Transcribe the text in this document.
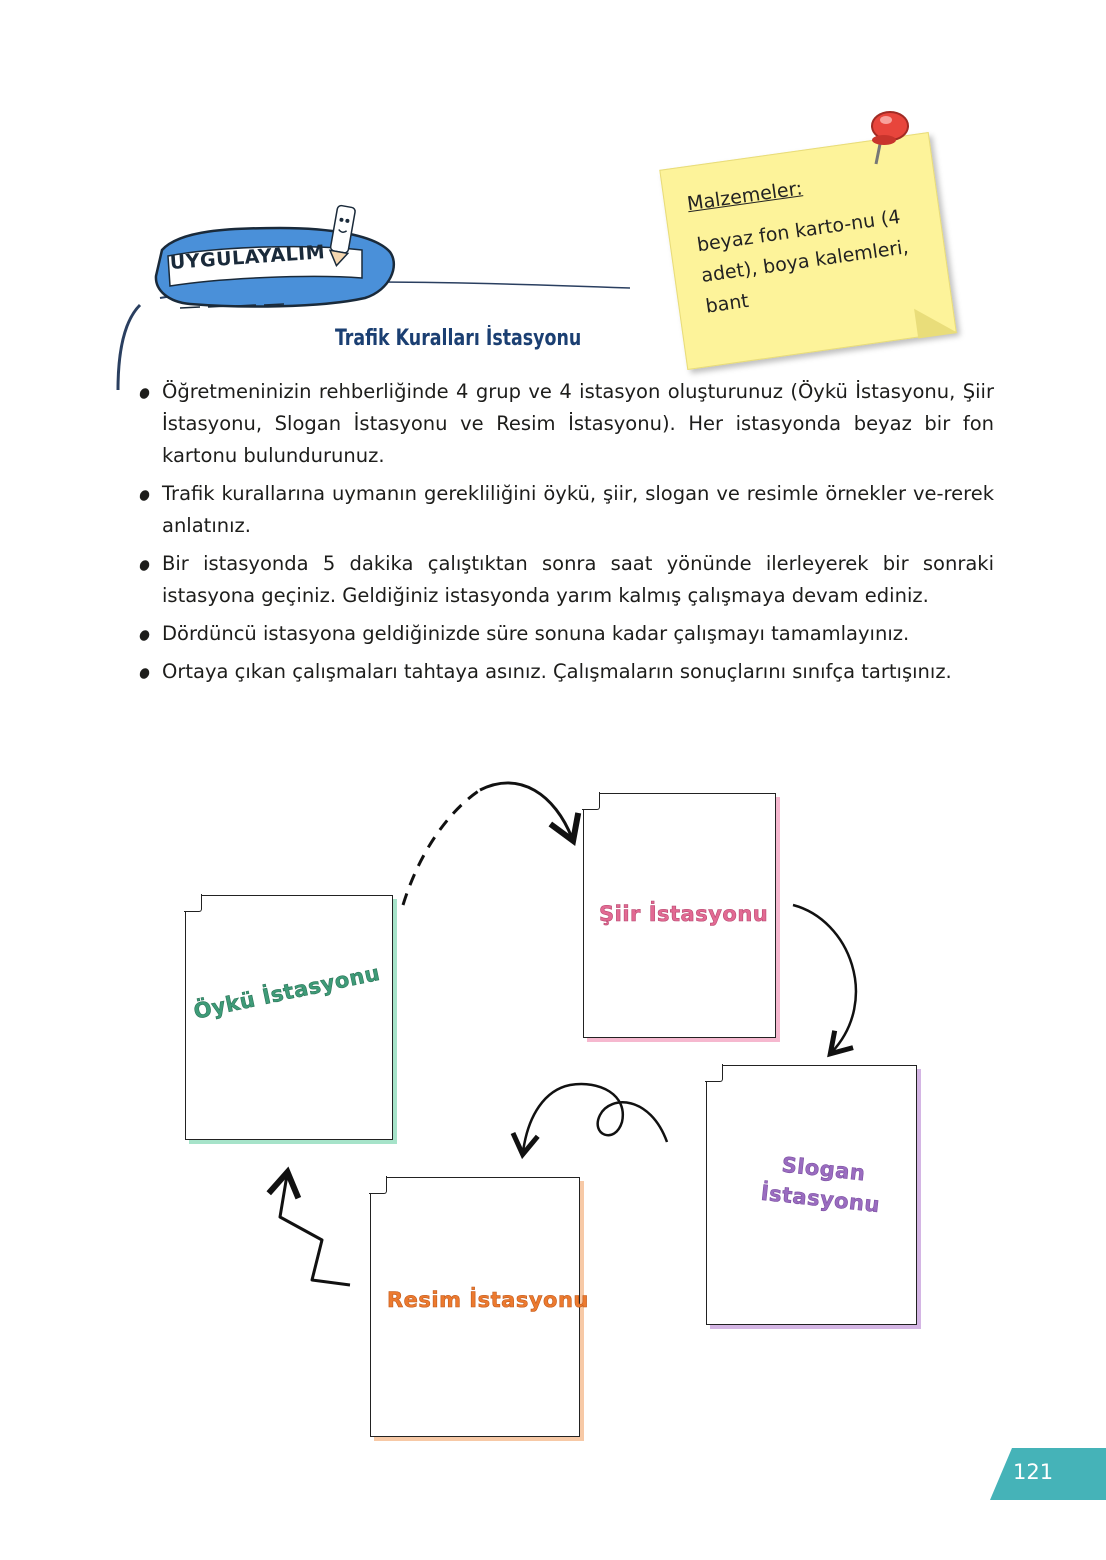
UYGULAYALIM
Trafik Kuralları İstasyonu
Malzemeler:
beyaz fon karto-nu (4 adet), boya kalemleri, bant
Öğretmeninizin rehberliğinde 4 grup ve 4 istasyon oluşturunuz (Öykü İstasyonu, Şiir İstasyonu, Slogan İstasyonu ve Resim İstasyonu). Her istasyonda beyaz bir fon kartonu bulundurunuz.
Trafik kurallarına uymanın gerekliliğini öykü, şiir, slogan ve resimle örnekler ve-rerek anlatınız.
Bir istasyonda 5 dakika çalıştıktan sonra saat yönünde ilerleyerek bir sonraki istasyona geçiniz. Geldiğiniz istasyonda yarım kalmış çalışmaya devam ediniz.
Dördüncü istasyona geldiğinizde süre sonuna kadar çalışmayı tamamlayınız.
Ortaya çıkan çalışmaları tahtaya asınız. Çalışmaların sonuçlarını sınıfça tartışınız.
Öykü İstasyonu
Şiir İstasyonu
Slogan İstasyonu
Resim İstasyonu
121
